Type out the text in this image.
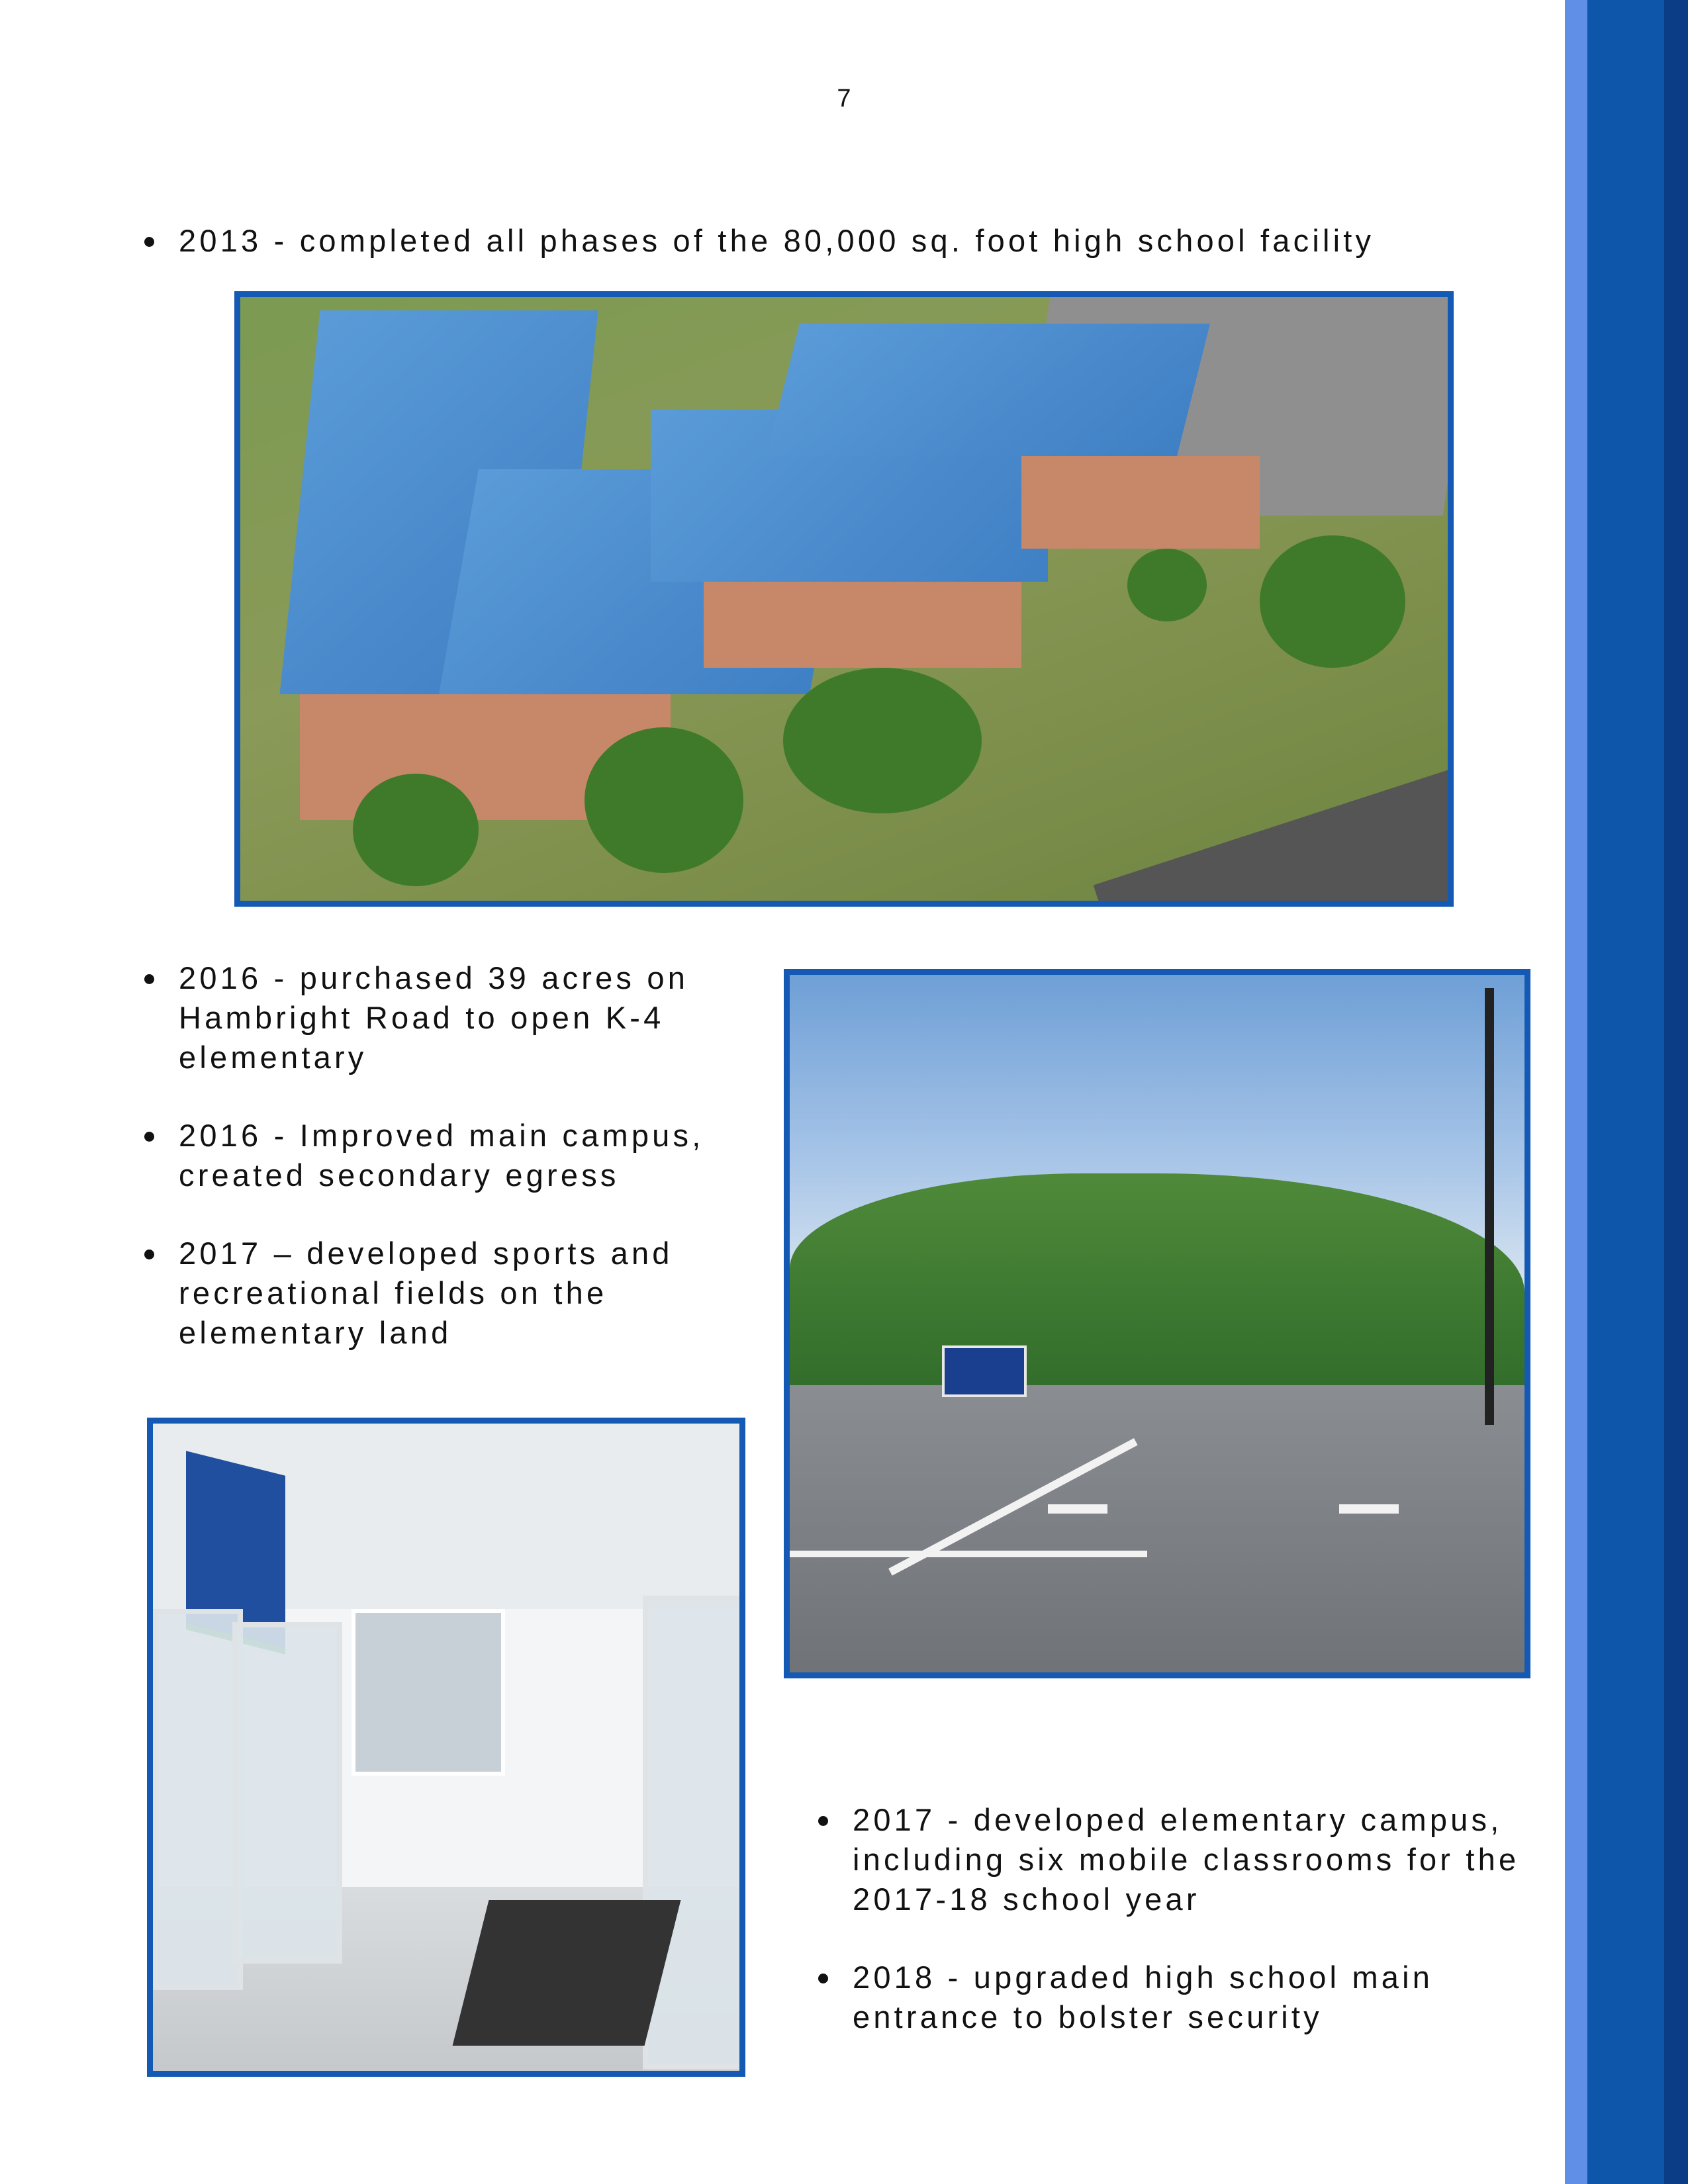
7
2013 - completed all phases of the 80,000 sq. foot high school facility
2016 - purchased 39 acres on Hambright Road to open K-4 elementary
2016 - Improved main campus, created secondary egress
2017 – developed sports and recreational fields on the elementary land
2017 - developed elementary campus, including six mobile classrooms for the 2017-18 school year
2018 - upgraded high school main entrance to bolster security
